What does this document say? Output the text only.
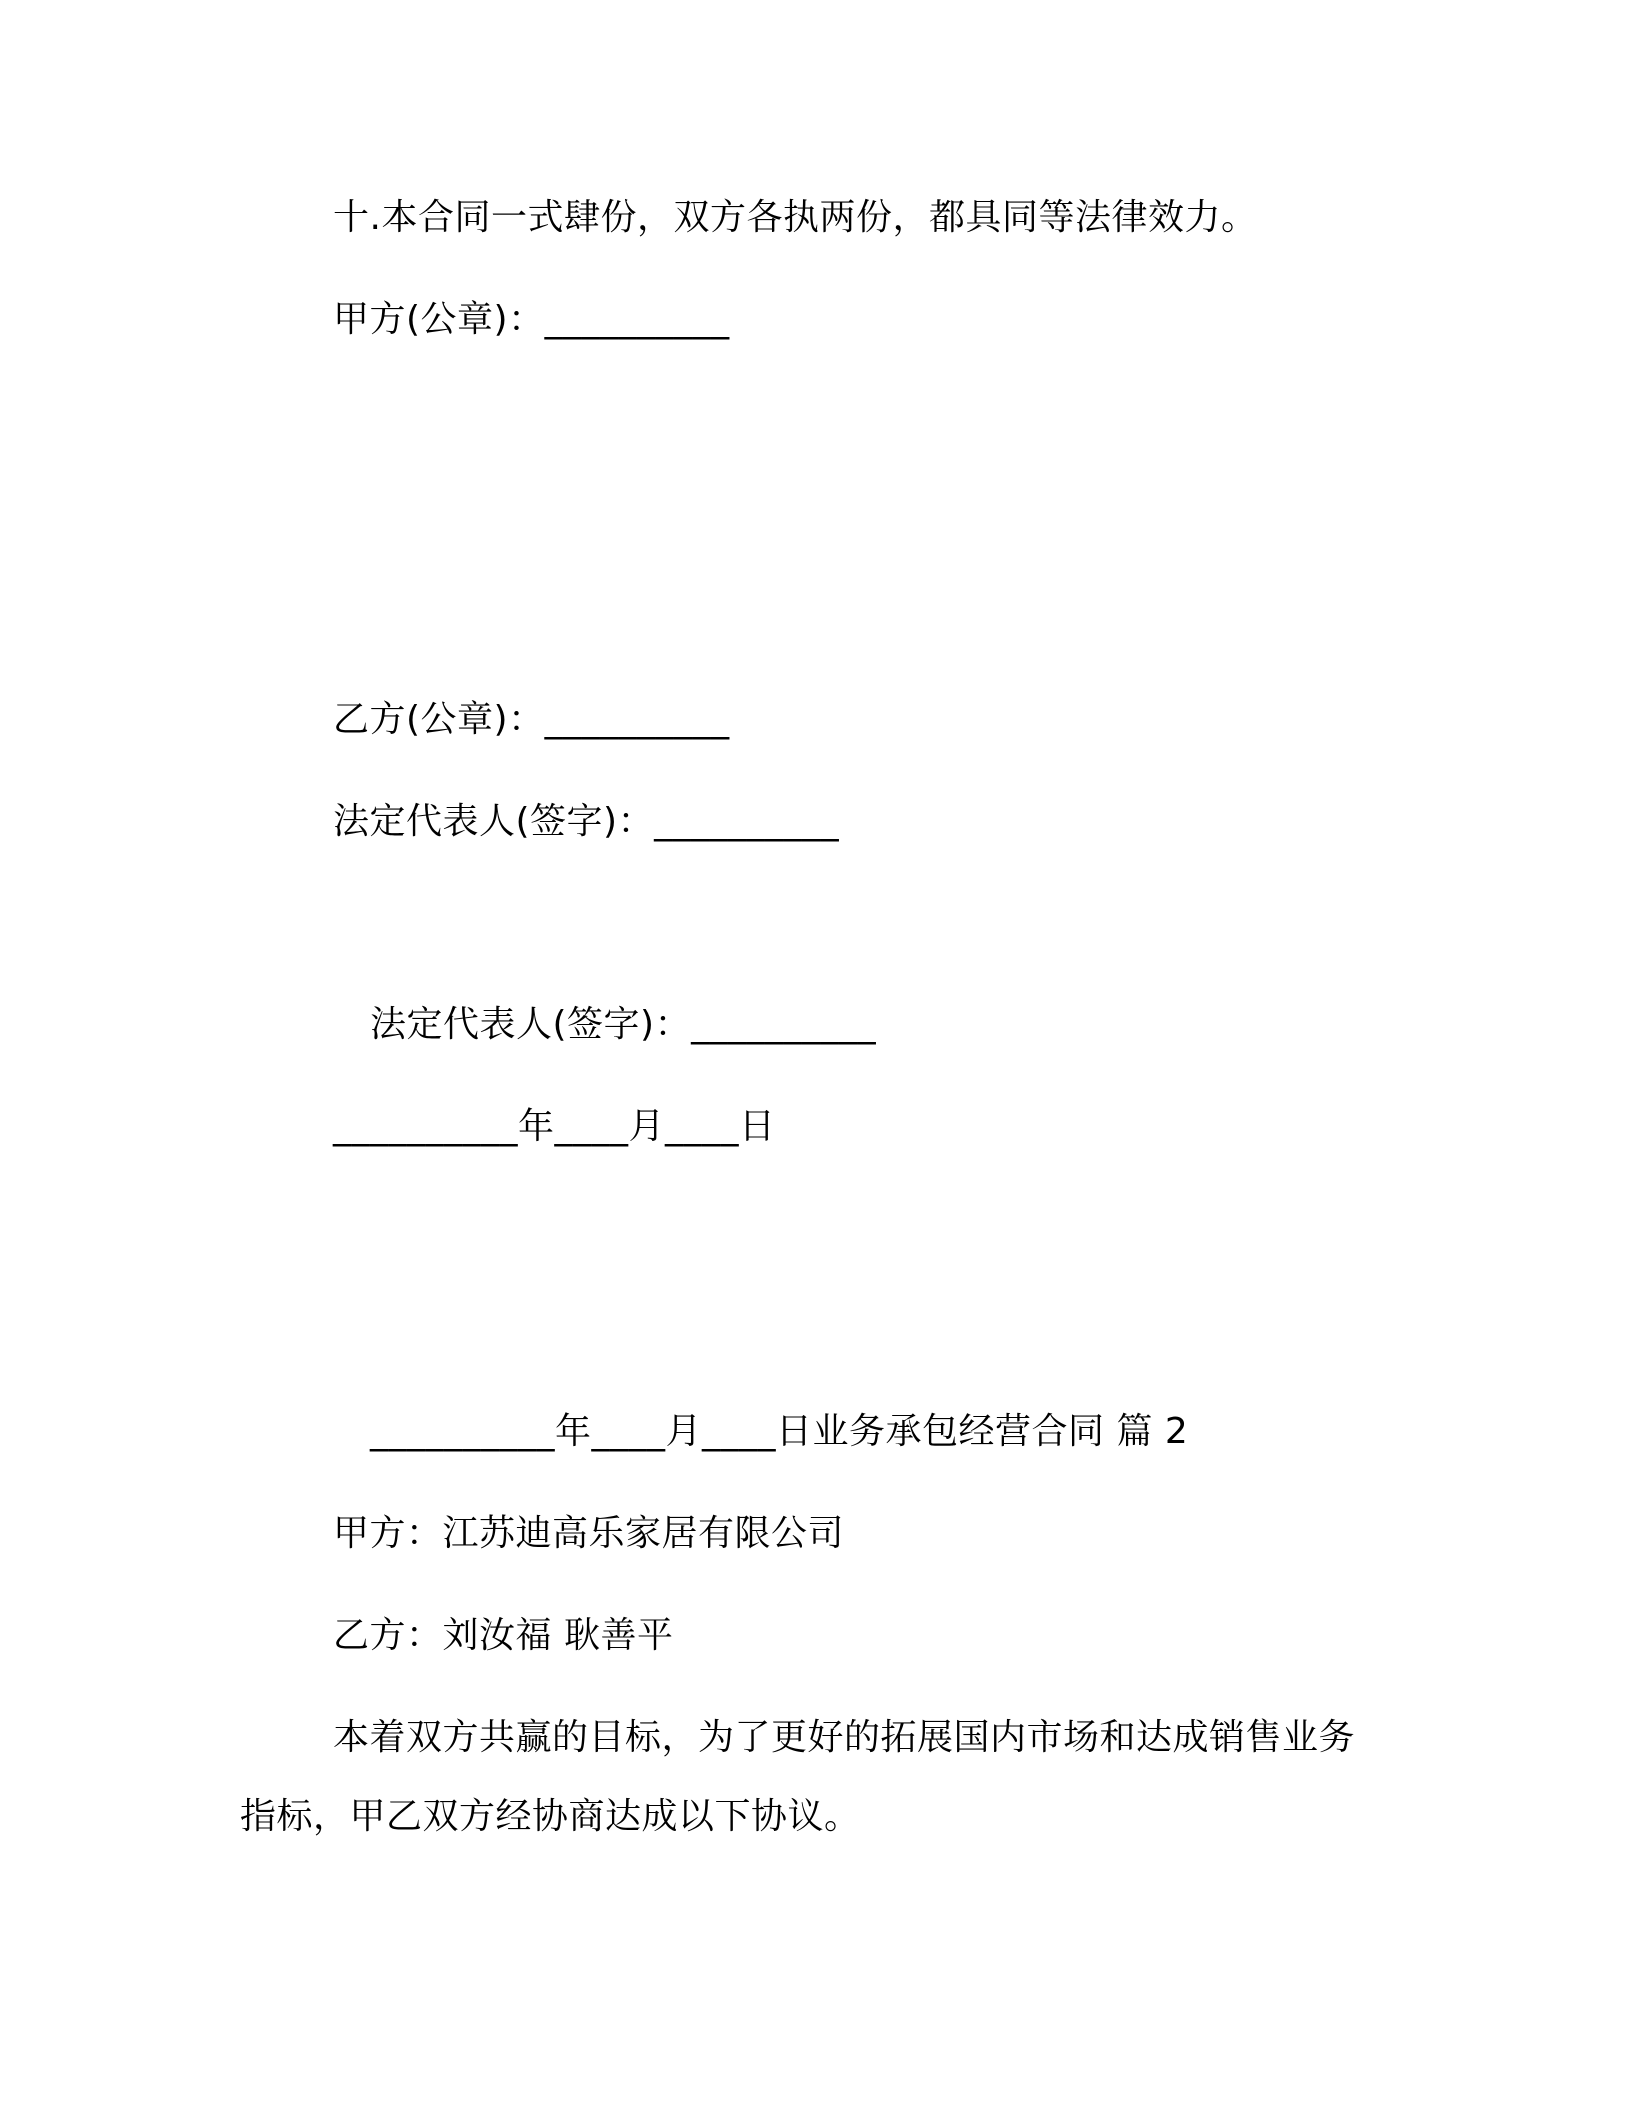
十.本合同一式肆份，双方各执两份，都具同等法律效力。
甲方(公章)：__________
乙方(公章)：__________
法定代表人(签字)：__________
法定代表人(签字)：__________
__________年____月____日
__________年____月____日业务承包经营合同 篇 2
甲方：江苏迪高乐家居有限公司
乙方：刘汝福 耿善平
本着双方共赢的目标，为了更好的拓展国内市场和达成销售业务
指标，甲乙双方经协商达成以下协议。
